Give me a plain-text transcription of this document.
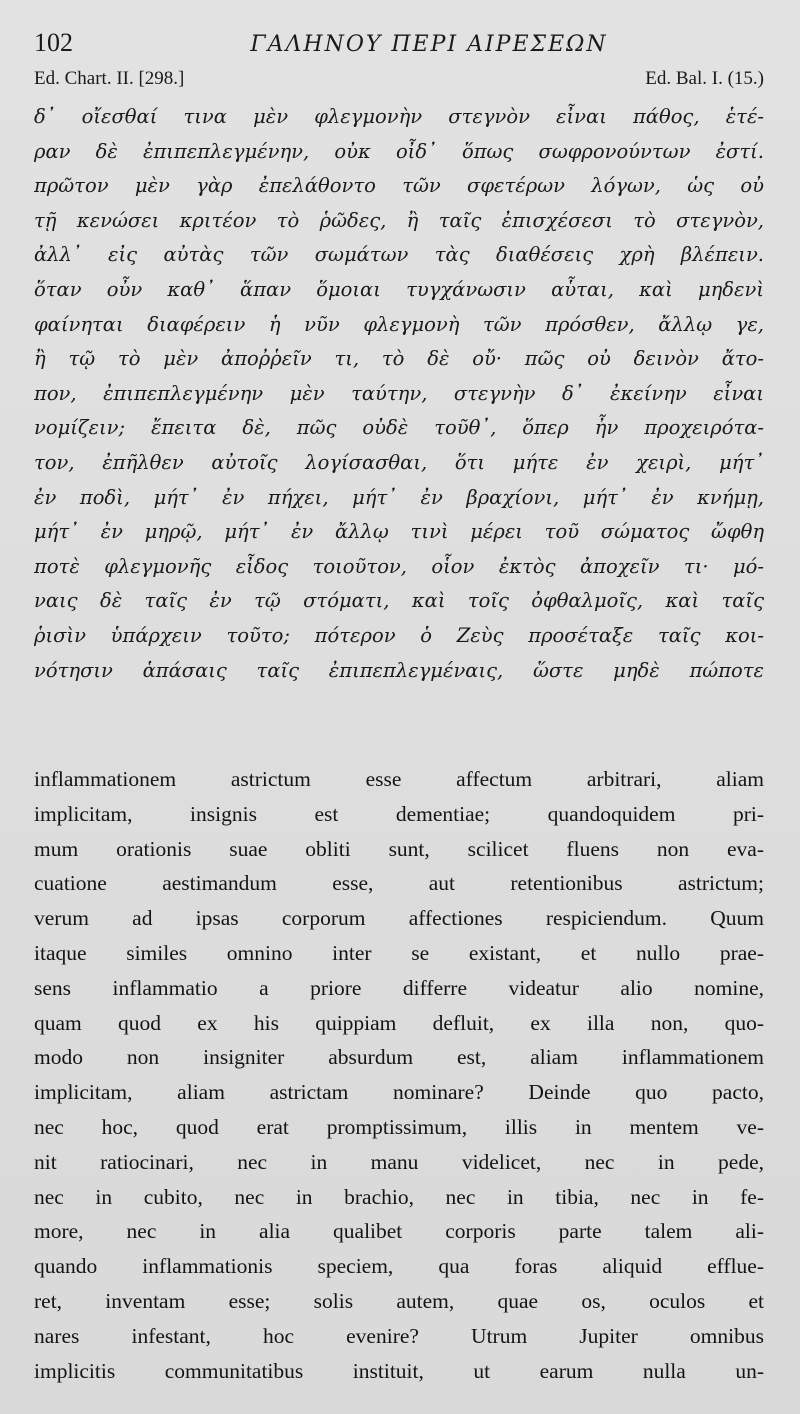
102	ΓΑΛΗΝΟΥ ΠΕΡΙ ΑΙΡΕΣΕΩΝ
Ed. Chart. II. [298.]	Ed. Bal. I. (15.)
δ᾽ οἴεσθαί τινα μὲν φλεγμονὴν στεγνὸν εἶναι πάθος, ἑτέ-
ραν δὲ ἐπιπεπλεγμένην, οὐκ οἶδ᾽ ὅπως σωφρονούντων ἐστί.
πρῶτον μὲν γὰρ ἐπελάθοντο τῶν σφετέρων λόγων, ὡς οὐ
τῇ κενώσει κριτέον τὸ ῥῶδες, ἢ ταῖς ἐπισχέσεσι τὸ στεγνὸν,
ἀλλ᾽ εἰς αὐτὰς τῶν σωμάτων τὰς διαθέσεις χρὴ βλέπειν.
ὅταν οὖν καθ᾽ ἅπαν ὅμοιαι τυγχάνωσιν αὗται, καὶ μηδενὶ
φαίνηται διαφέρειν ἡ νῦν φλεγμονὴ τῶν πρόσθεν, ἄλλῳ γε,
ἢ τῷ τὸ μὲν ἀποῤῥεῖν τι, τὸ δὲ οὔ· πῶς οὐ δεινὸν ἄτο-
πον, ἐπιπεπλεγμένην μὲν ταύτην, στεγνὴν δ᾽ ἐκείνην εἶναι
νομίζειν; ἔπειτα δὲ, πῶς οὐδὲ τοῦθ᾽, ὅπερ ἦν προχειρότα-
τον, ἐπῆλθεν αὐτοῖς λογίσασθαι, ὅτι μήτε ἐν χειρὶ, μήτ᾽
ἐν ποδὶ, μήτ᾽ ἐν πήχει, μήτ᾽ ἐν βραχίονι, μήτ᾽ ἐν κνήμῃ,
μήτ᾽ ἐν μηρῷ, μήτ᾽ ἐν ἄλλῳ τινὶ μέρει τοῦ σώματος ὤφθη
ποτὲ φλεγμονῆς εἶδος τοιοῦτον, οἷον ἐκτὸς ἀποχεῖν τι· μό-
ναις δὲ ταῖς ἐν τῷ στόματι, καὶ τοῖς ὀφθαλμοῖς, καὶ ταῖς
ῥισὶν ὑπάρχειν τοῦτο; πότερον ὁ Ζεὺς προσέταξε ταῖς κοι-
νότησιν ἁπάσαις ταῖς ἐπιπεπλεγμέναις, ὥστε μηδὲ πώποτε
inflammationem astrictum esse affectum arbitrari, aliam
implicitam, insignis est dementiae; quandoquidem pri-
mum orationis suae obliti sunt, scilicet fluens non eva-
cuatione aestimandum esse, aut retentionibus astrictum;
verum ad ipsas corporum affectiones respiciendum. Quum
itaque similes omnino inter se existant, et nullo prae-
sens inflammatio a priore differre videatur alio nomine,
quam quod ex his quippiam defluit, ex illa non, quo-
modo non insigniter absurdum est, aliam inflammationem
implicitam, aliam astrictam nominare? Deinde quo pacto,
nec hoc, quod erat promptissimum, illis in mentem ve-
nit ratiocinari, nec in manu videlicet, nec in pede,
nec in cubito, nec in brachio, nec in tibia, nec in fe-
more, nec in alia qualibet corporis parte talem ali-
quando inflammationis speciem, qua foras aliquid efflue-
ret, inventam esse; solis autem, quae os, oculos et
nares infestant, hoc evenire? Utrum Jupiter omnibus
implicitis communitatibus instituit, ut earum nulla un-
